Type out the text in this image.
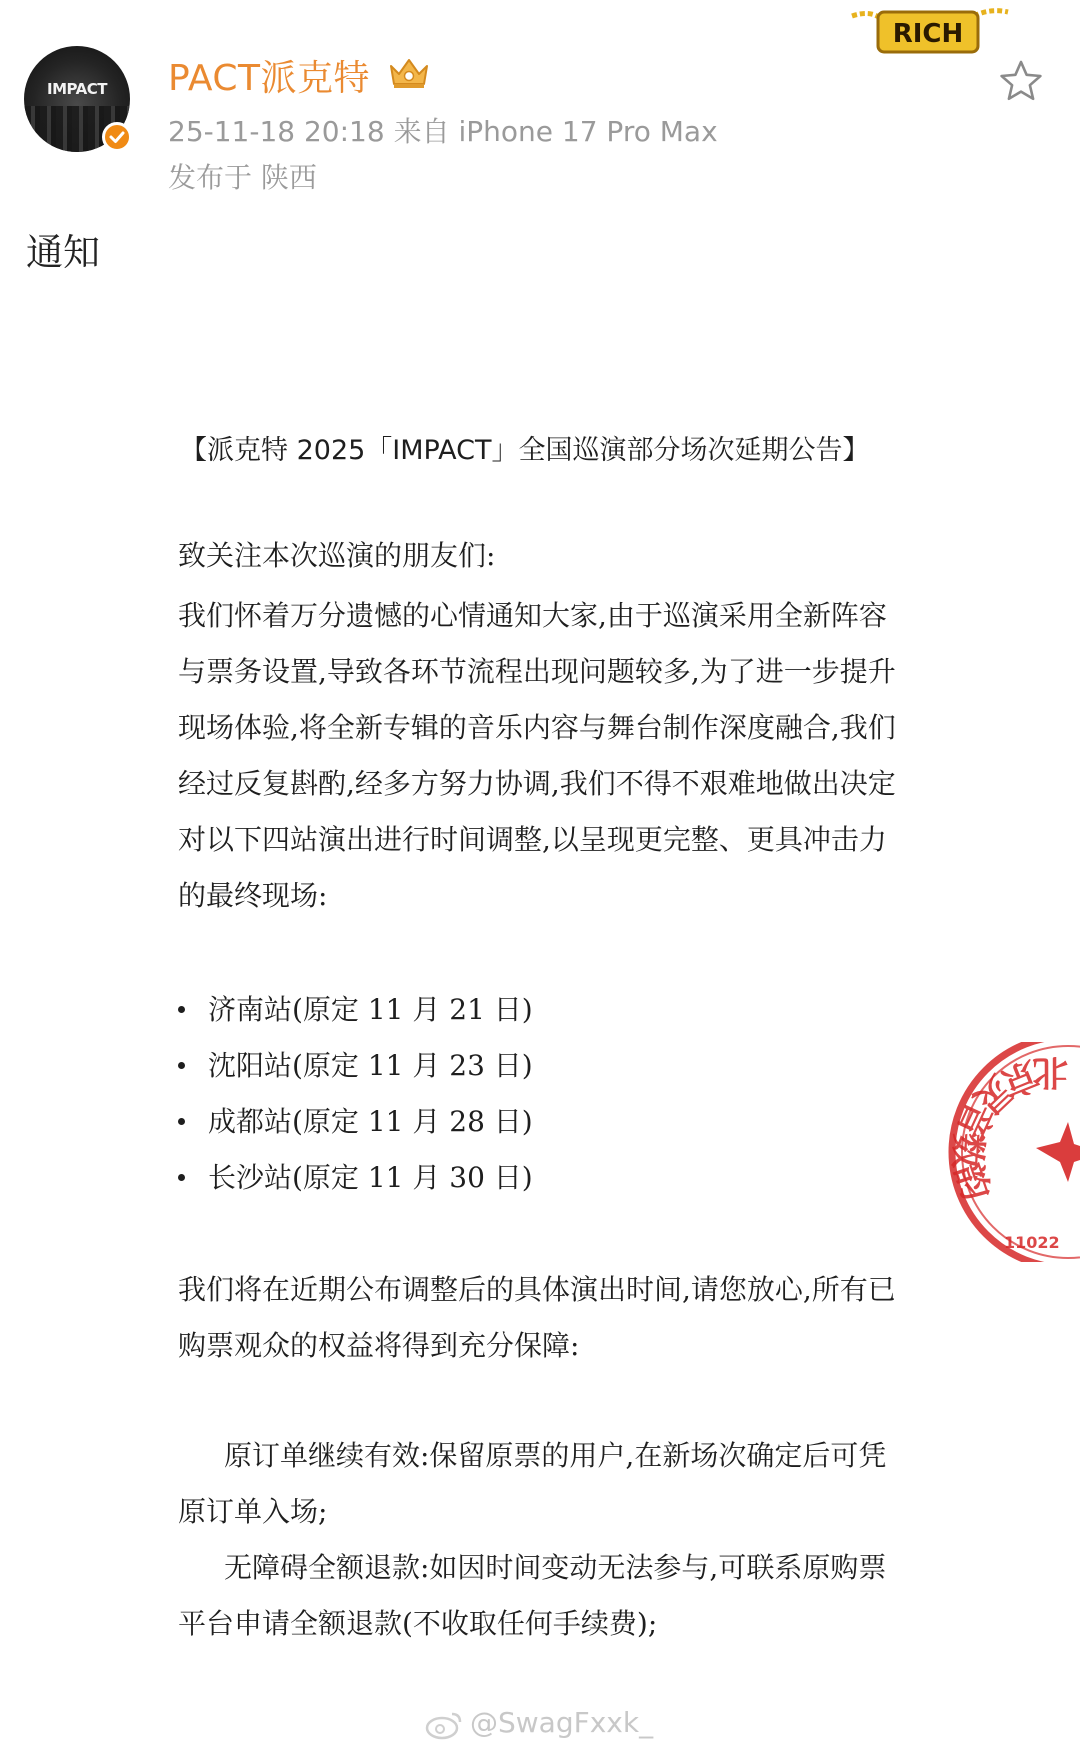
IMPACT	PACT派克特
25-11-18 20:18 来自 iPhone 17 Pro Max
发布于 陕西
RICH
通知
【派克特 2025「IMPACT」全国巡演部分场次延期公告】
致关注本次巡演的朋友们:
我们怀着万分遗憾的心情通知大家,由于巡演采用全新阵容与票务设置,导致各环节流程出现问题较多,为了进一步提升现场体验,将全新专辑的音乐内容与舞台制作深度融合,我们经过反复斟酌,经多方努力协调,我们不得不艰难地做出决定对以下四站演出进行时间调整,以呈现更完整、更具冲击力的最终现场:
济南站(原定 11 月 21 日)
沈阳站(原定 11 月 23 日)
成都站(原定 11 月 28 日)
长沙站(原定 11 月 30 日)
我们将在近期公布调整后的具体演出时间,请您放心,所有已购票观众的权益将得到充分保障:
原订单继续有效:保留原票的用户,在新场次确定后可凭原订单入场;
无障碍全额退款:如因时间变动无法参与,可联系原购票平台申请全额退款(不收取任何手续费);
北京灵音数韵
11022
@SwagFxxk_
